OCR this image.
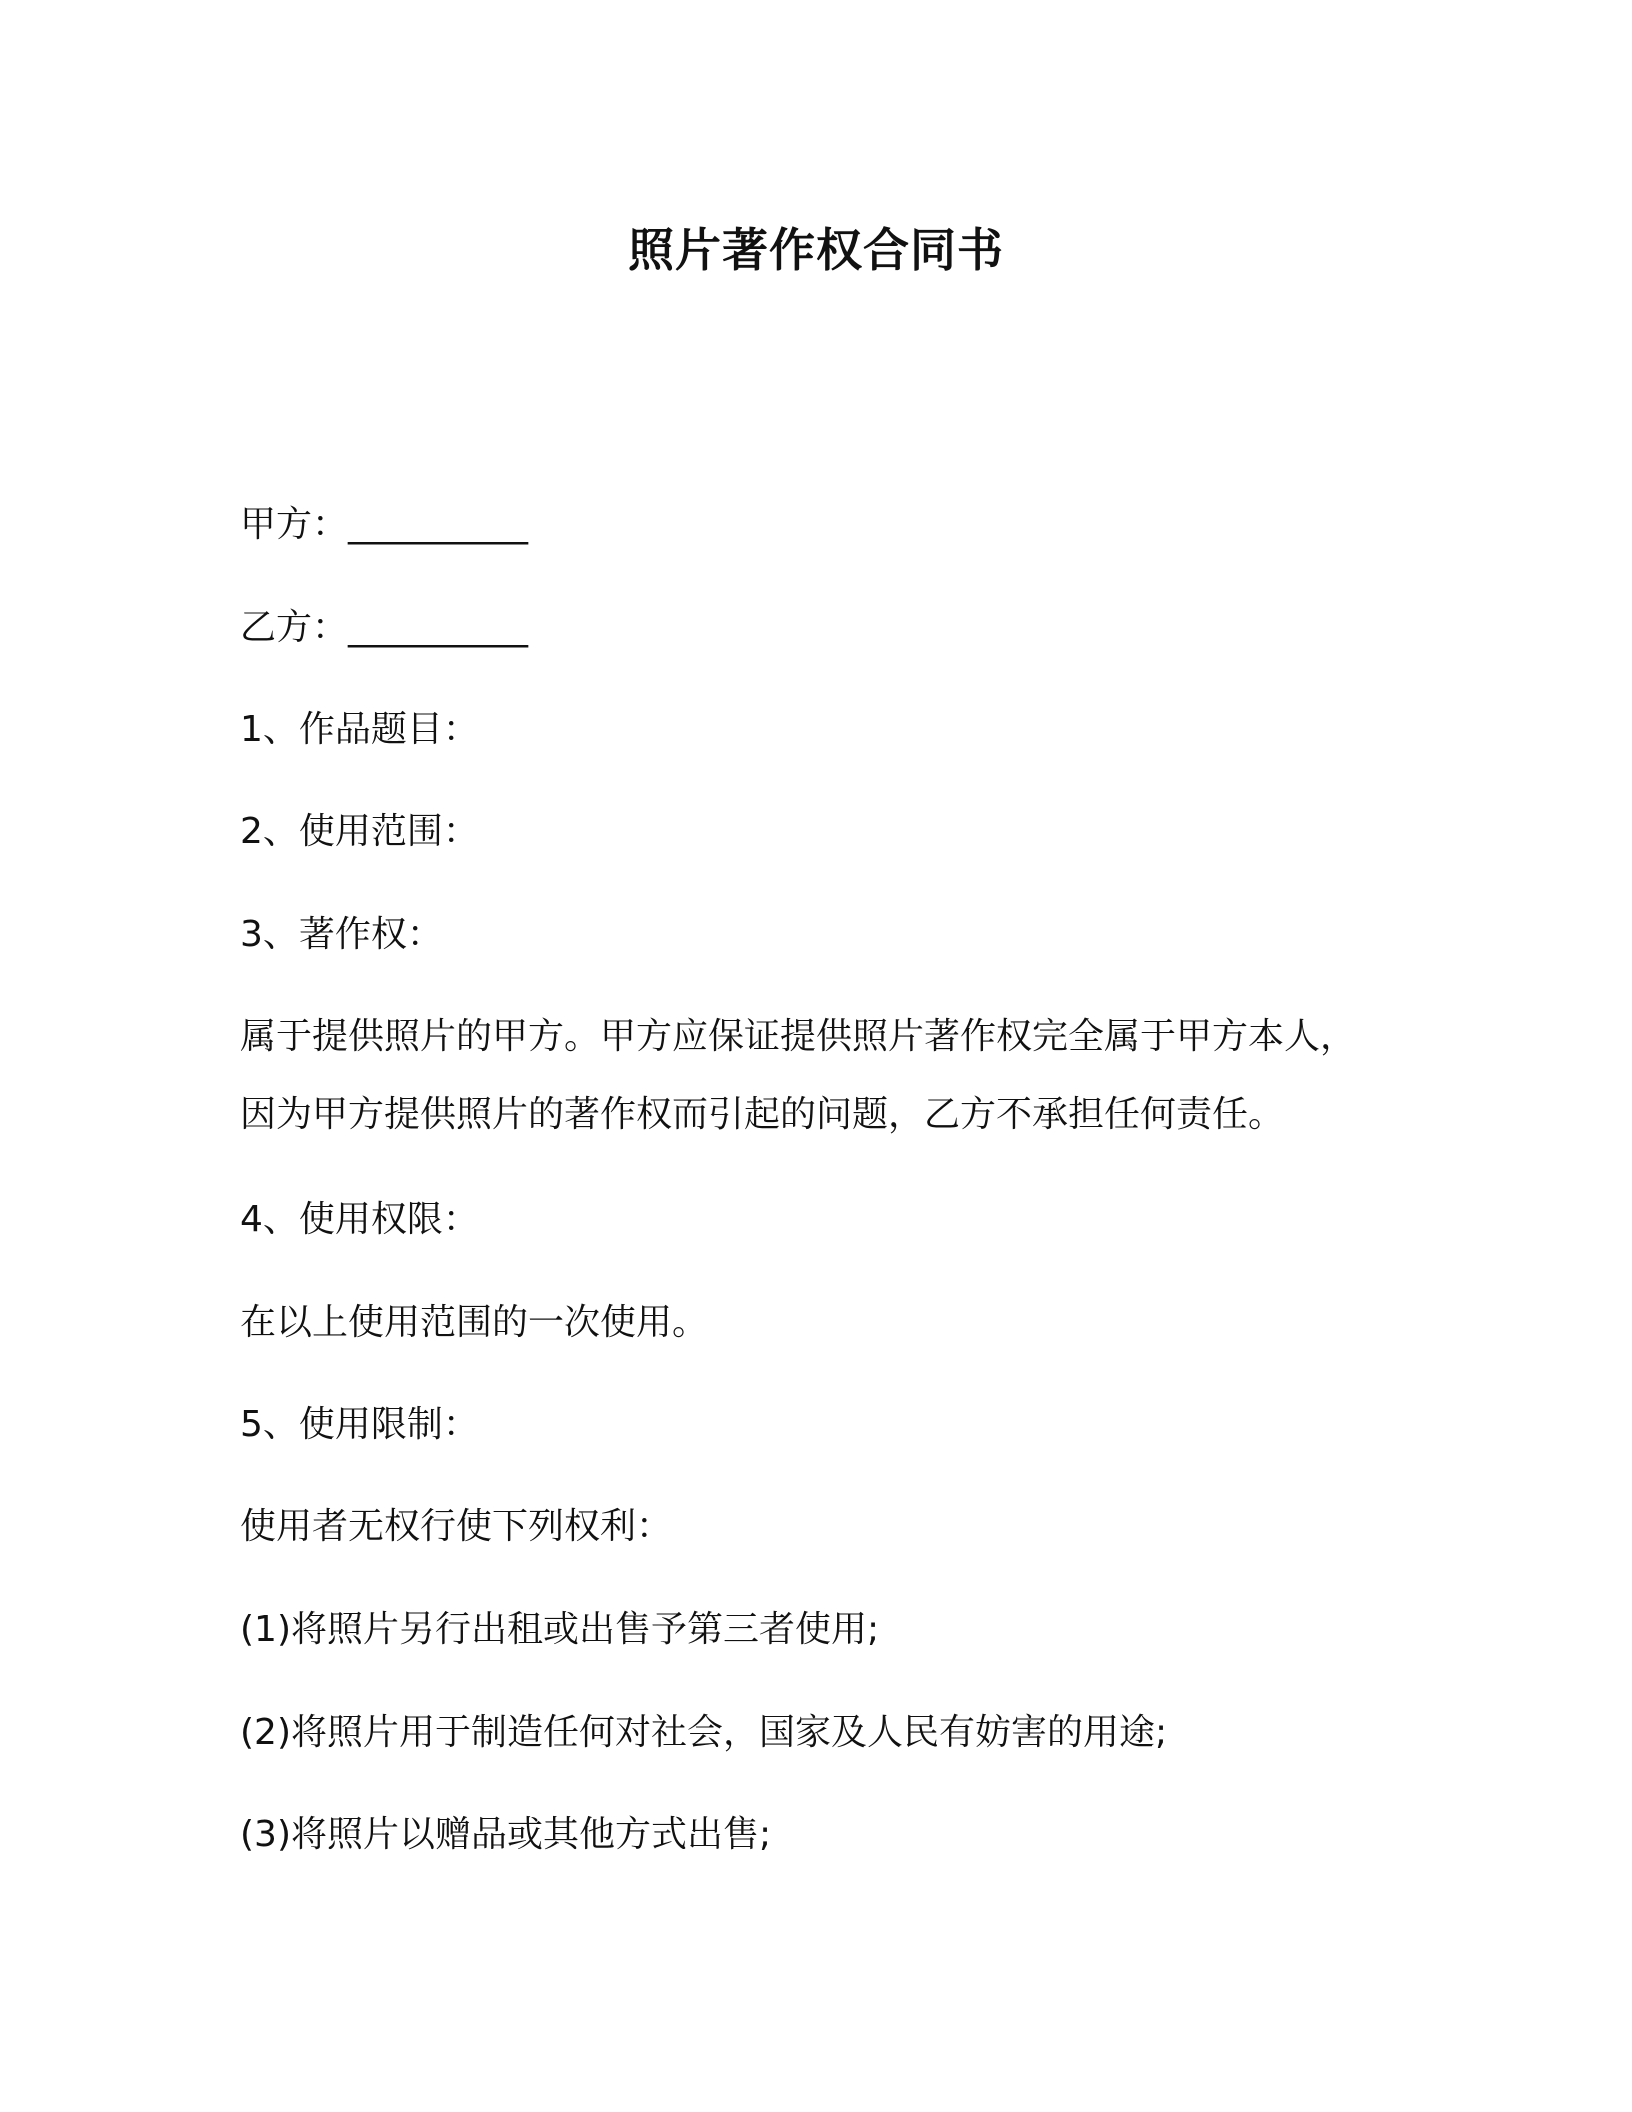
照片著作权合同书
甲方：__________
乙方：__________
1、作品题目：
2、使用范围：
3、著作权：
属于提供照片的甲方。甲方应保证提供照片著作权完全属于甲方本人，
因为甲方提供照片的著作权而引起的问题，乙方不承担任何责任。
4、使用权限：
在以上使用范围的一次使用。
5、使用限制：
使用者无权行使下列权利：
(1)将照片另行出租或出售予第三者使用;
(2)将照片用于制造任何对社会，国家及人民有妨害的用途;
(3)将照片以赠品或其他方式出售;
